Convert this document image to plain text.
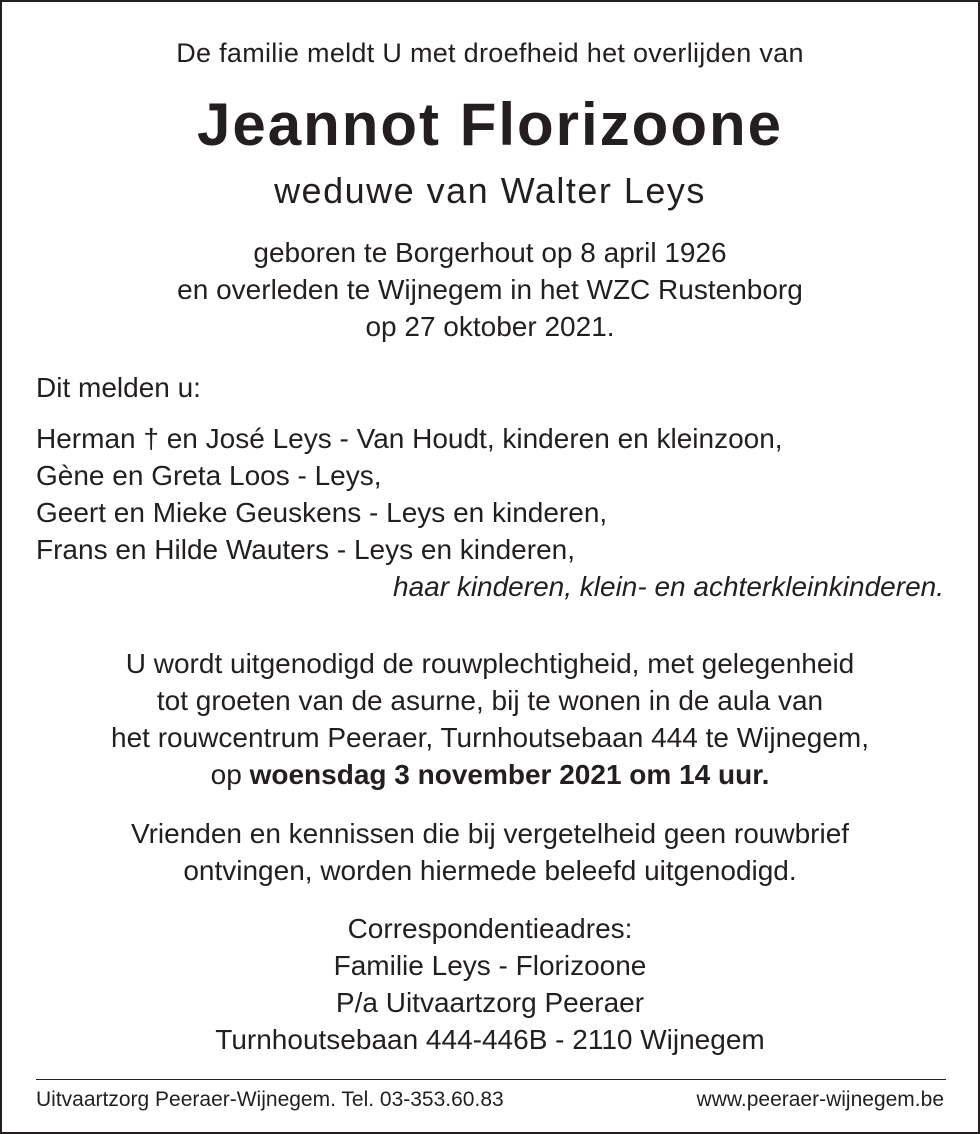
De familie meldt U met droefheid het overlijden van
Jeannot Florizoone
weduwe van Walter Leys
geboren te Borgerhout op 8 april 1926
en overleden te Wijnegem in het WZC Rustenborg
op 27 oktober 2021.
Dit melden u:
Herman † en José Leys - Van Houdt, kinderen en kleinzoon,
Gène en Greta Loos - Leys,
Geert en Mieke Geuskens - Leys en kinderen,
Frans en Hilde Wauters - Leys en kinderen,
haar kinderen, klein- en achterkleinkinderen.
U wordt uitgenodigd de rouwplechtigheid, met gelegenheid
tot groeten van de asurne, bij te wonen in de aula van
het rouwcentrum Peeraer, Turnhoutsebaan 444 te Wijnegem,
op woensdag 3 november 2021 om 14 uur.
Vrienden en kennissen die bij vergetelheid geen rouwbrief
ontvingen, worden hiermede beleefd uitgenodigd.
Correspondentieadres:
Familie Leys - Florizoone
P/a Uitvaartzorg Peeraer
Turnhoutsebaan 444-446B - 2110 Wijnegem
Uitvaartzorg Peeraer-Wijnegem. Tel. 03-353.60.83	www.peeraer-wijnegem.be
